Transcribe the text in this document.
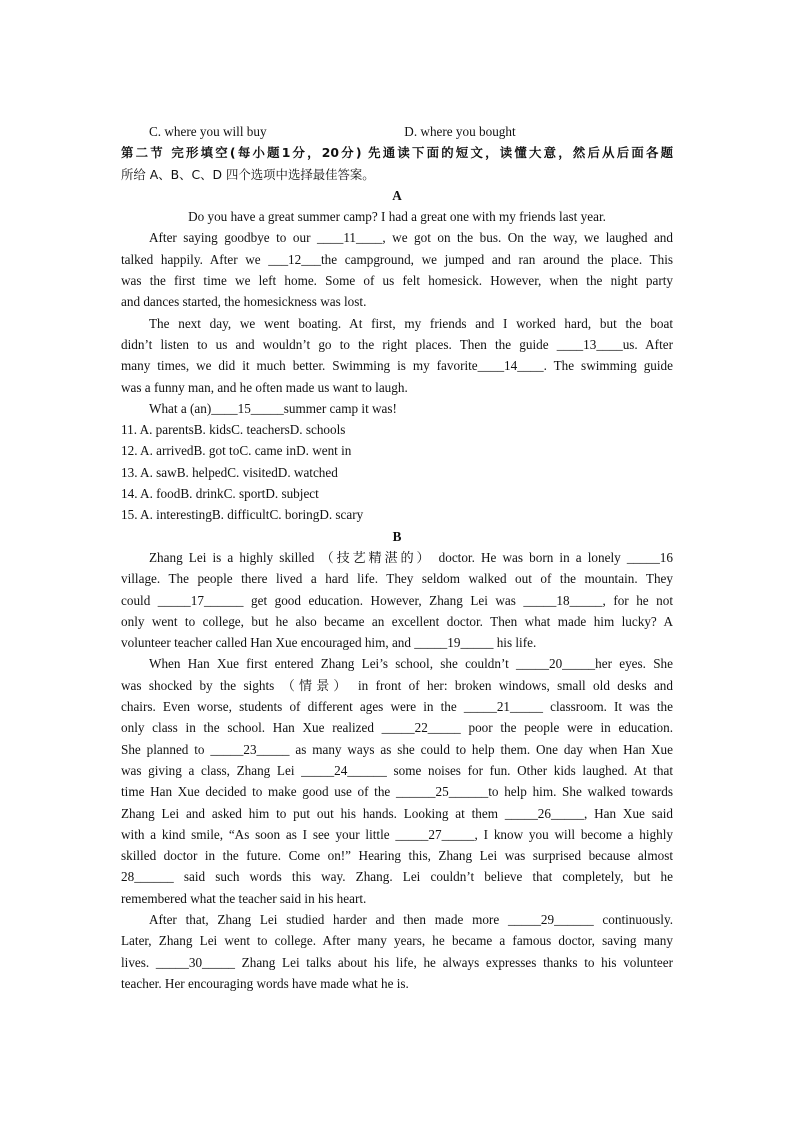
C. where you will buy	D. where you bought
第二节 完形填空(每小题1分，20分) 先通读下面的短文，读懂大意，然后从后面各题
所给 A、B、C、D 四个选项中选择最佳答案。
A
Do you have a great summer camp? I had a great one with my friends last year.
After saying goodbye to our ____11____, we got on the bus. On the way, we laughed and
talked happily. After we ___12___the campground, we jumped and ran around the place. This
was the first time we left home. Some of us felt homesick. However, when the night party
and dances started, the homesickness was lost.
The next day, we went boating. At first, my friends and I worked hard, but the boat
didn’t listen to us and wouldn’t go to the right places. Then the guide ____13____us. After
many times, we did it much better. Swimming is my favorite____14____. The swimming guide
was a funny man, and he often made us want to laugh.
What a (an)____15_____summer camp it was!
11. A. parentsB. kidsC. teachersD. schools
12. A. arrivedB. got toC. came inD. went in
13. A. sawB. helpedC. visitedD. watched
14. A. foodB. drinkC. sportD. subject
15. A. interestingB. difficultC. boringD. scary
B
Zhang Lei is a highly skilled （技艺精湛的） doctor. He was born in a lonely _____16
village. The people there lived a hard life. They seldom walked out of the mountain. They
could _____17______ get good education. However, Zhang Lei was _____18_____, for he not
only went to college, but he also became an excellent doctor. Then what made him lucky? A
volunteer teacher called Han Xue encouraged him, and _____19_____ his life.
When Han Xue first entered Zhang Lei’s school, she couldn’t _____20_____her eyes. She
was shocked by the sights （情景） in front of her: broken windows, small old desks and
chairs. Even worse, students of different ages were in the _____21_____ classroom. It was the
only class in the school. Han Xue realized _____22_____ poor the people were in education.
She planned to _____23_____ as many ways as she could to help them. One day when Han Xue
was giving a class, Zhang Lei _____24______ some noises for fun. Other kids laughed. At that
time Han Xue decided to make good use of the ______25______to help him. She walked towards
Zhang Lei and asked him to put out his hands. Looking at them _____26_____, Han Xue said
with a kind smile, “As soon as I see your little _____27_____, I know you will become a highly
skilled doctor in the future. Come on!” Hearing this, Zhang Lei was surprised because almost
28______ said such words this way. Zhang. Lei couldn’t believe that completely, but he
remembered what the teacher said in his heart.
After that, Zhang Lei studied harder and then made more _____29______ continuously.
Later, Zhang Lei went to college. After many years, he became a famous doctor, saving many
lives. _____30_____ Zhang Lei talks about his life, he always expresses thanks to his volunteer
teacher. Her encouraging words have made what he is.
